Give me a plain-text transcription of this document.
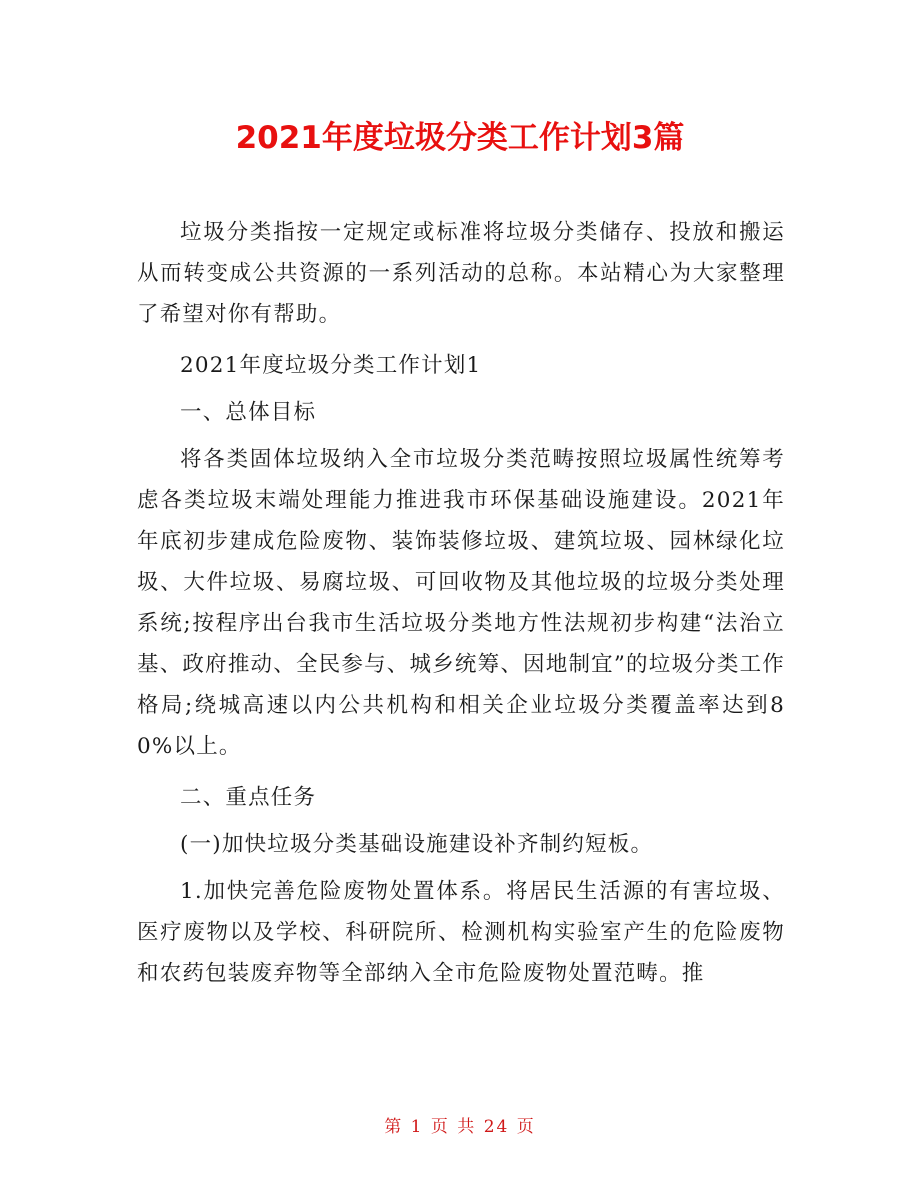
2021年度垃圾分类工作计划3篇

垃圾分类指按一定规定或标准将垃圾分类储存、投放和搬运从而转变成公共资源的一系列活动的总称。本站精心为大家整理了希望对你有帮助。

2021年度垃圾分类工作计划1

一、总体目标

将各类固体垃圾纳入全市垃圾分类范畴按照垃圾属性统筹考虑各类垃圾末端处理能力推进我市环保基础设施建设。2021年年底初步建成危险废物、装饰装修垃圾、建筑垃圾、园林绿化垃圾、大件垃圾、易腐垃圾、可回收物及其他垃圾的垃圾分类处理系统;按程序出台我市生活垃圾分类地方性法规初步构建“法治立基、政府推动、全民参与、城乡统筹、因地制宜”的垃圾分类工作格局;绕城高速以内公共机构和相关企业垃圾分类覆盖率达到80%以上。

二、重点任务

(一)加快垃圾分类基础设施建设补齐制约短板。

1.加快完善危险废物处置体系。将居民生活源的有害垃圾、医疗废物以及学校、科研院所、检测机构实验室产生的危险废物和农药包装废弃物等全部纳入全市危险废物处置范畴。推

第 1 页 共 24 页
